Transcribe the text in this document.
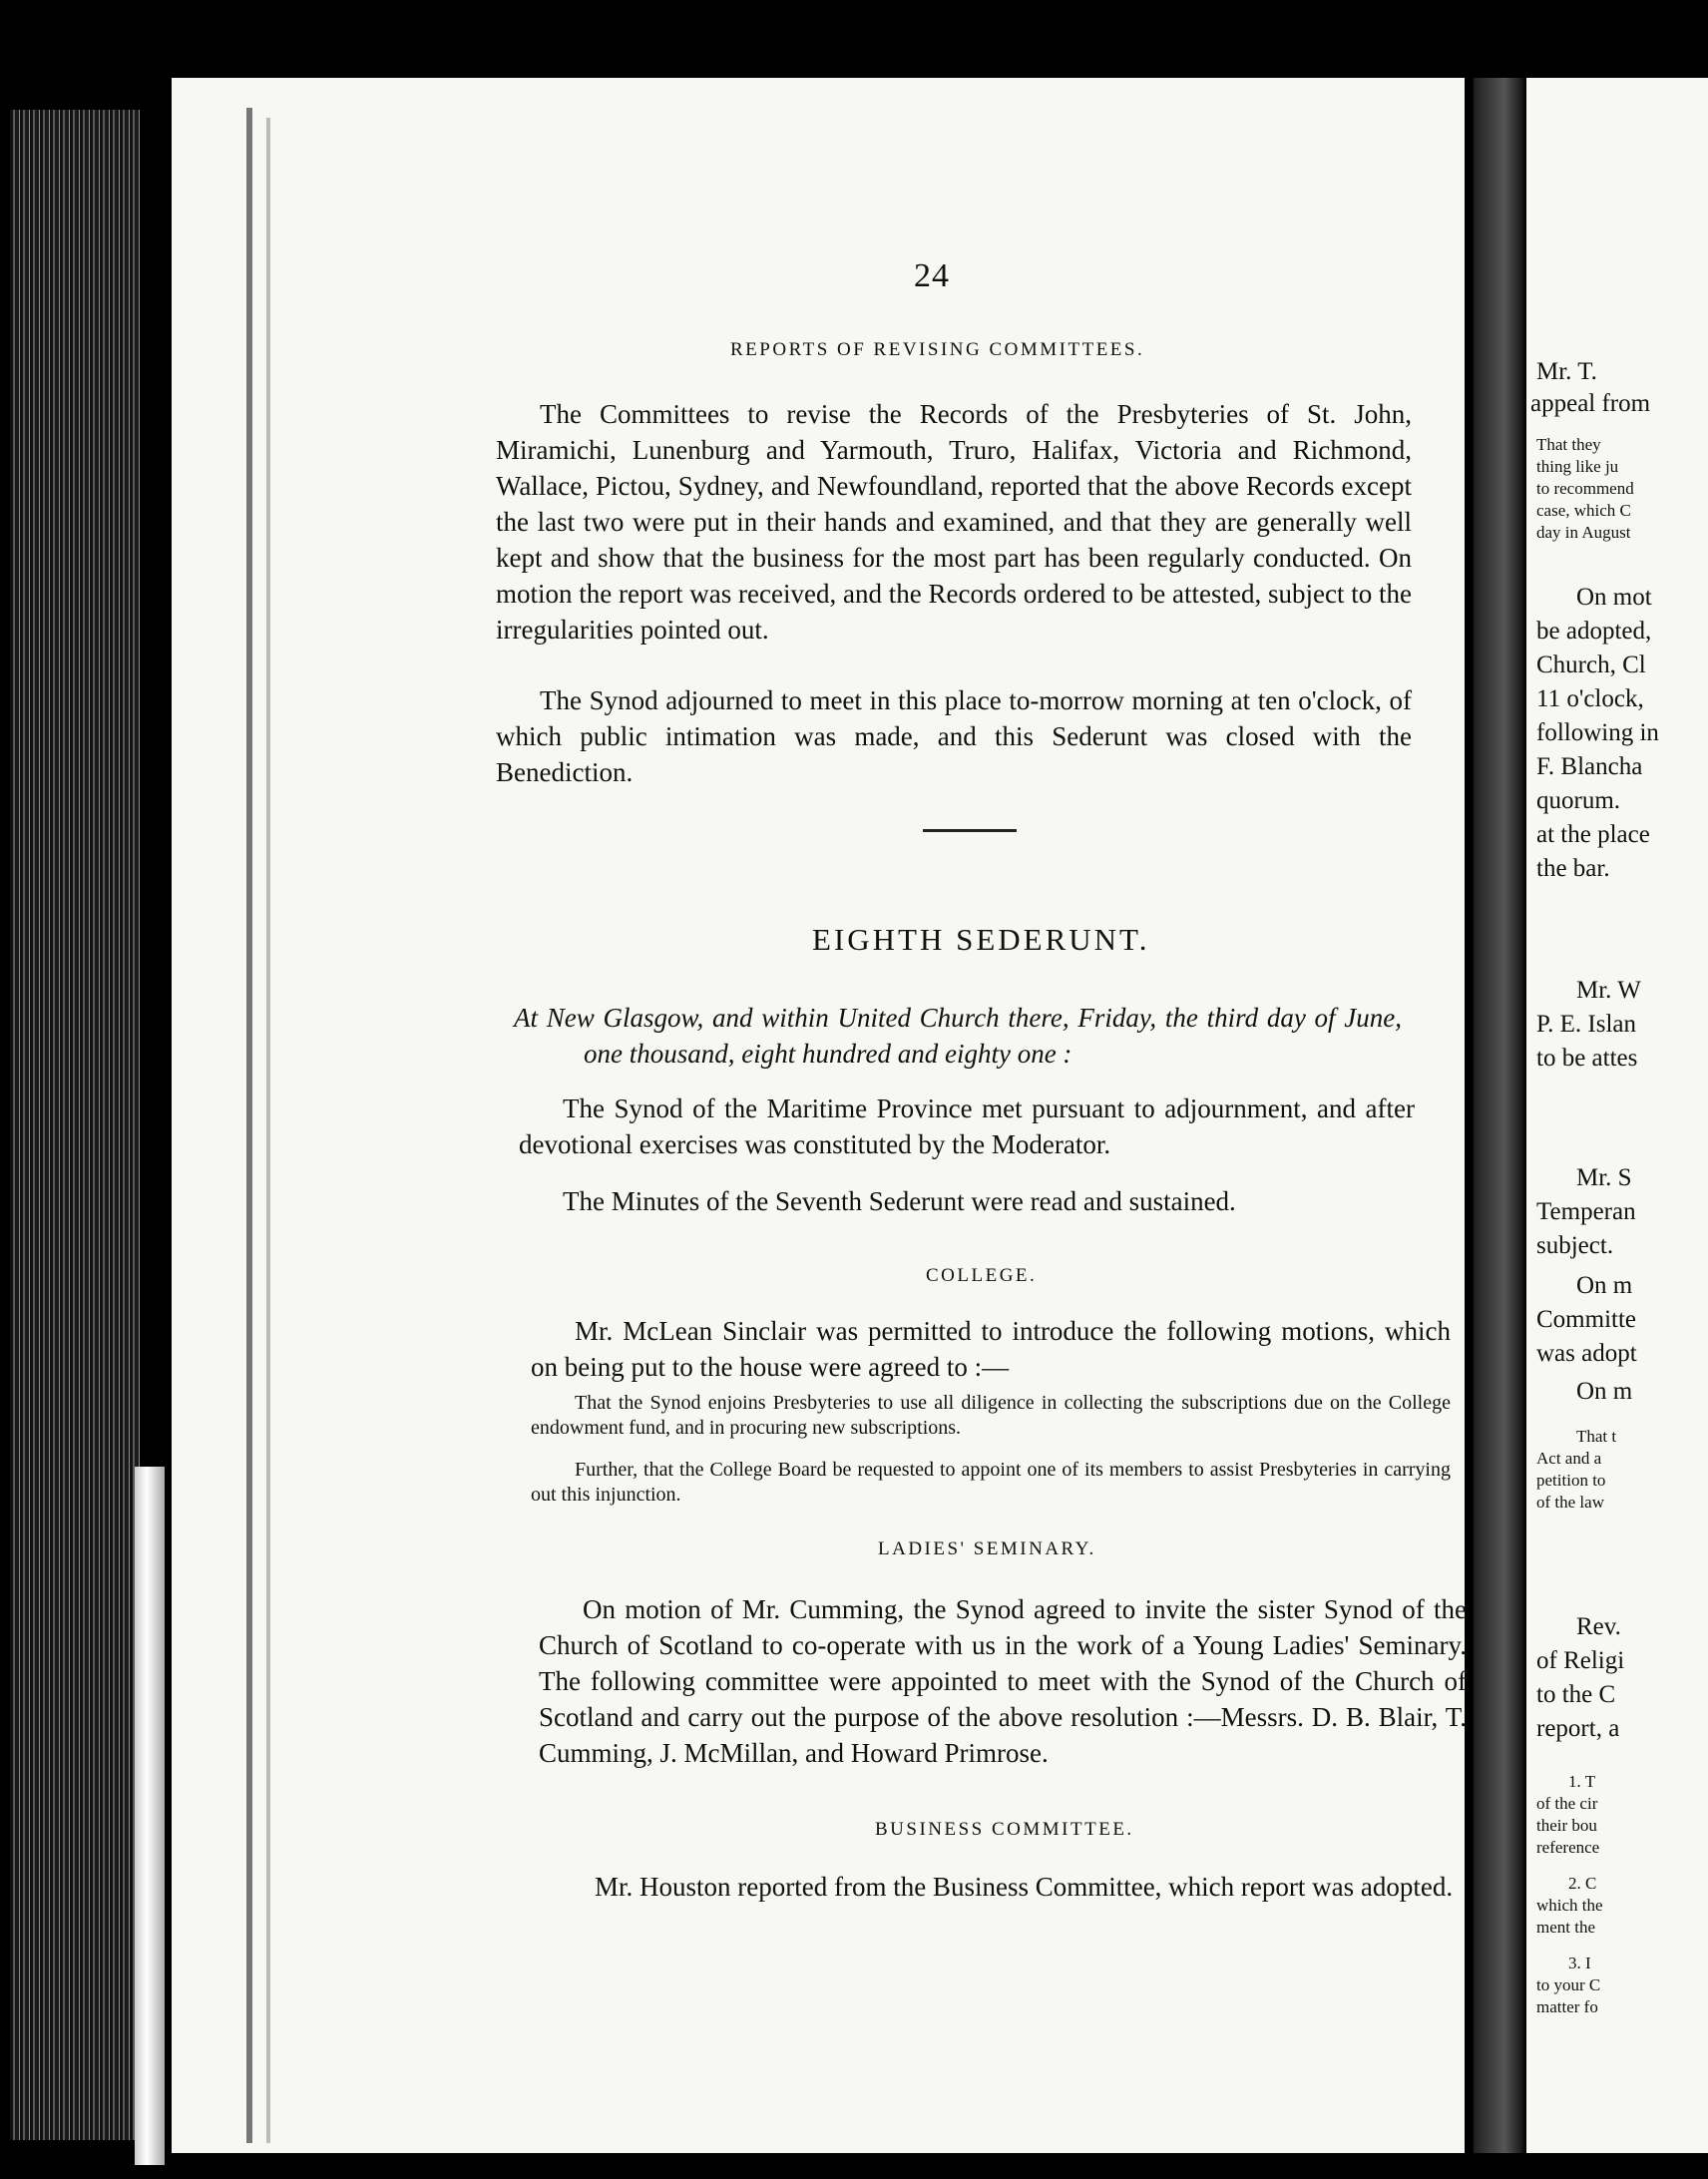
24
REPORTS OF REVISING COMMITTEES.

The Committees to revise the Records of the Presbyteries of St. John, Miramichi, Lunenburg and Yarmouth, Truro, Halifax, Victoria and Richmond, Wallace, Pictou, Sydney, and Newfoundland, reported that the above Records except the last two were put in their hands and examined, and that they are generally well kept and show that the business for the most part has been regularly conducted. On motion the report was received, and the Records ordered to be attested, subject to the irregularities pointed out.

The Synod adjourned to meet in this place to-morrow morning at ten o'clock, of which public intimation was made, and this Sederunt was closed with the Benediction.

EIGHTH SEDERUNT.

At New Glasgow, and within United Church there, Friday, the third day of June, one thousand, eight hundred and eighty one :

The Synod of the Maritime Province met pursuant to adjournment, and after devotional exercises was constituted by the Moderator.

The Minutes of the Seventh Sederunt were read and sustained.

COLLEGE.

Mr. McLean Sinclair was permitted to introduce the following motions, which on being put to the house were agreed to :—

That the Synod enjoins Presbyteries to use all diligence in collecting the subscriptions due on the College endowment fund, and in procuring new subscriptions.

Further, that the College Board be requested to appoint one of its members to assist Presbyteries in carrying out this injunction.

LADIES' SEMINARY.

On motion of Mr. Cumming, the Synod agreed to invite the sister Synod of the Church of Scotland to co-operate with us in the work of a Young Ladies' Seminary. The following committee were appointed to meet with the Synod of the Church of Scotland and carry out the purpose of the above resolution :—Messrs. D. B. Blair, T. Cumming, J. McMillan, and Howard Primrose.

BUSINESS COMMITTEE.

Mr. Houston reported from the Business Committee, which report was adopted.

Mr. T.
appeal from
That they
thing like ju
to recommend
case, which C
day in August
On mot
be adopted,
Church, Cl
11 o'clock,
following in
F. Blancha
quorum.
at the place
the bar.
Mr. W
P. E. Islan
to be attes
Mr. S
Temperan
subject.
On m
Committe
was adopt
On m
That t
Act and a
petition to
of the law
Rev.
of Religi
to the C
report, a
1. T
of the cir
their bou
reference
2. C
which the
ment the
3. I
to your C
matter fo
